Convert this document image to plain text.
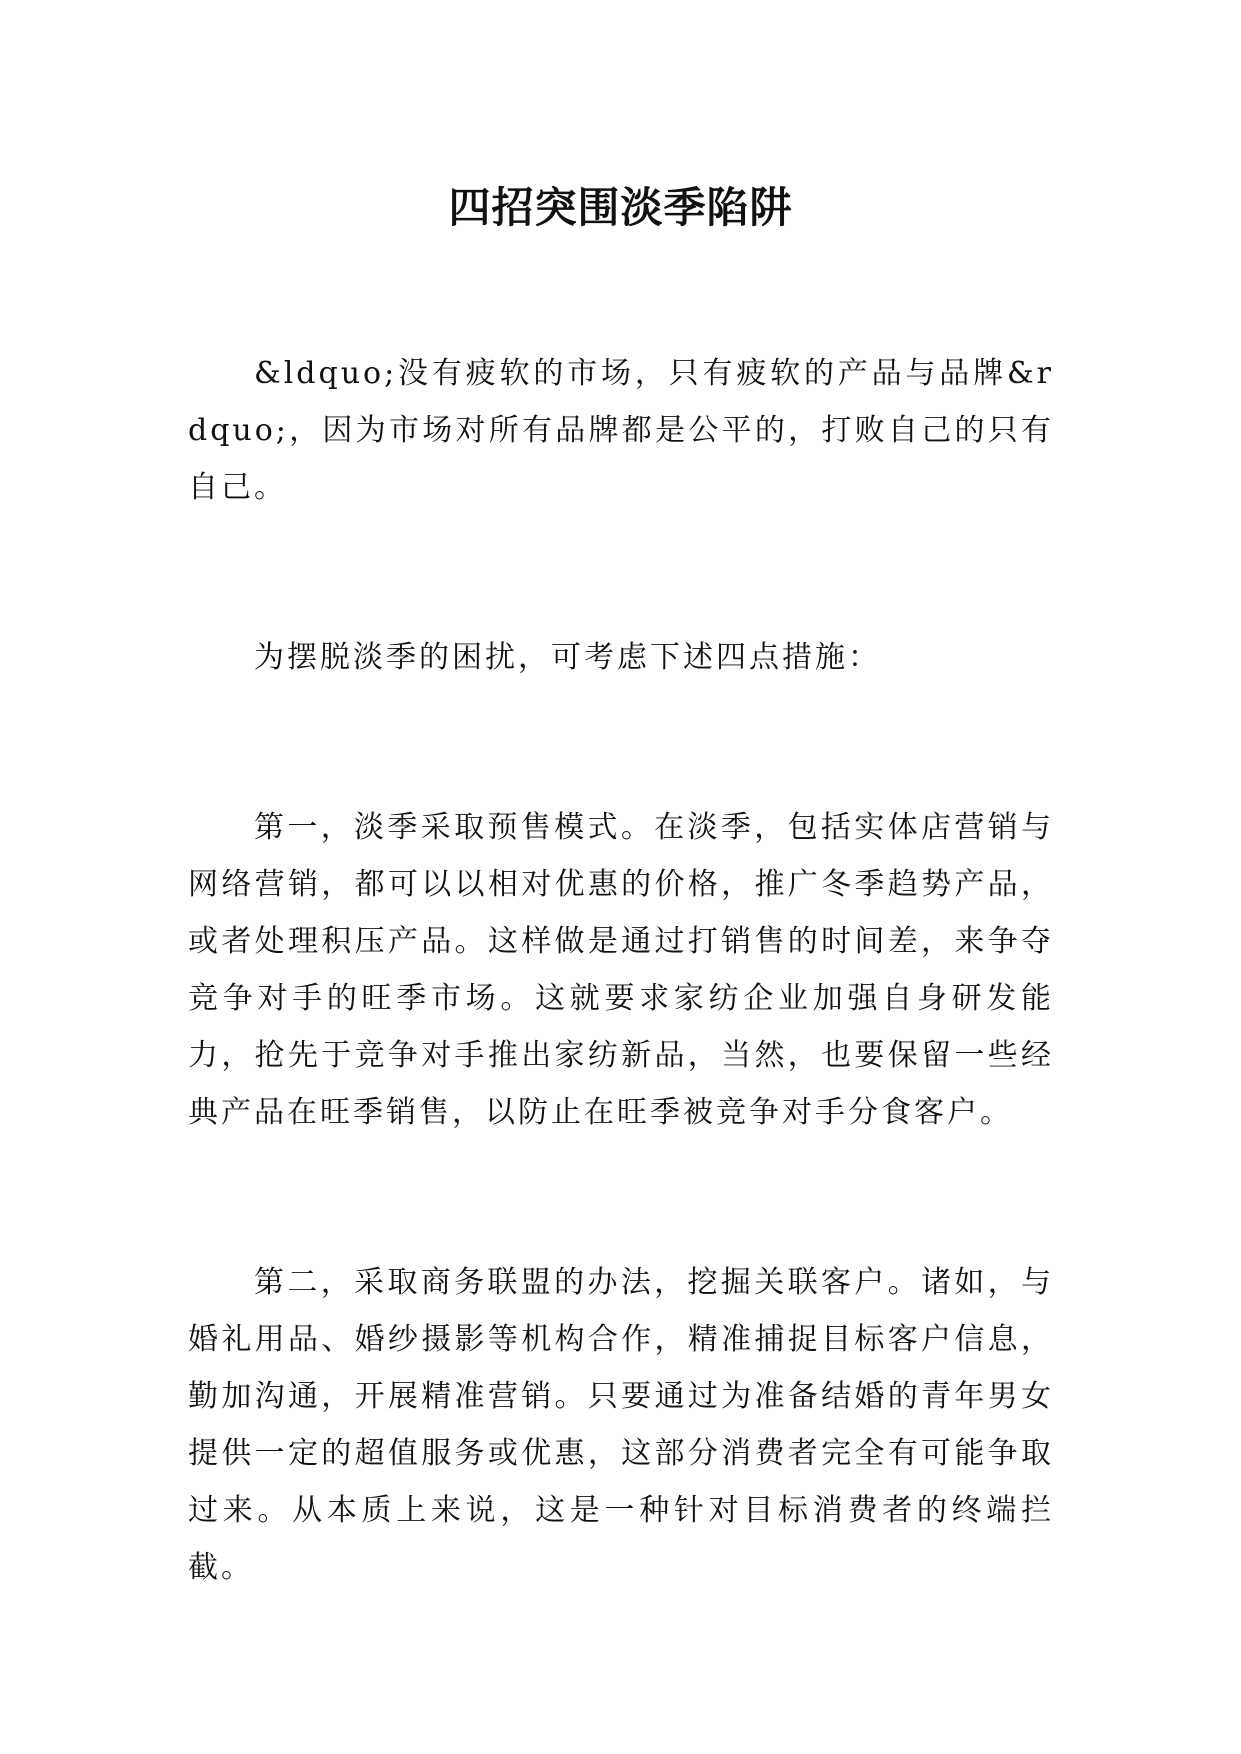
四招突围淡季陷阱

&ldquo;没有疲软的市场，只有疲软的产品与品牌&rdquo;，因为市场对所有品牌都是公平的，打败自己的只有自己。

为摆脱淡季的困扰，可考虑下述四点措施：

第一，淡季采取预售模式。在淡季，包括实体店营销与网络营销，都可以以相对优惠的价格，推广冬季趋势产品，或者处理积压产品。这样做是通过打销售的时间差，来争夺竞争对手的旺季市场。这就要求家纺企业加强自身研发能力，抢先于竞争对手推出家纺新品，当然，也要保留一些经典产品在旺季销售，以防止在旺季被竞争对手分食客户。

第二，采取商务联盟的办法，挖掘关联客户。诸如，与婚礼用品、婚纱摄影等机构合作，精准捕捉目标客户信息，勤加沟通，开展精准营销。只要通过为准备结婚的青年男女提供一定的超值服务或优惠，这部分消费者完全有可能争取过来。从本质上来说，这是一种针对目标消费者的终端拦截。
